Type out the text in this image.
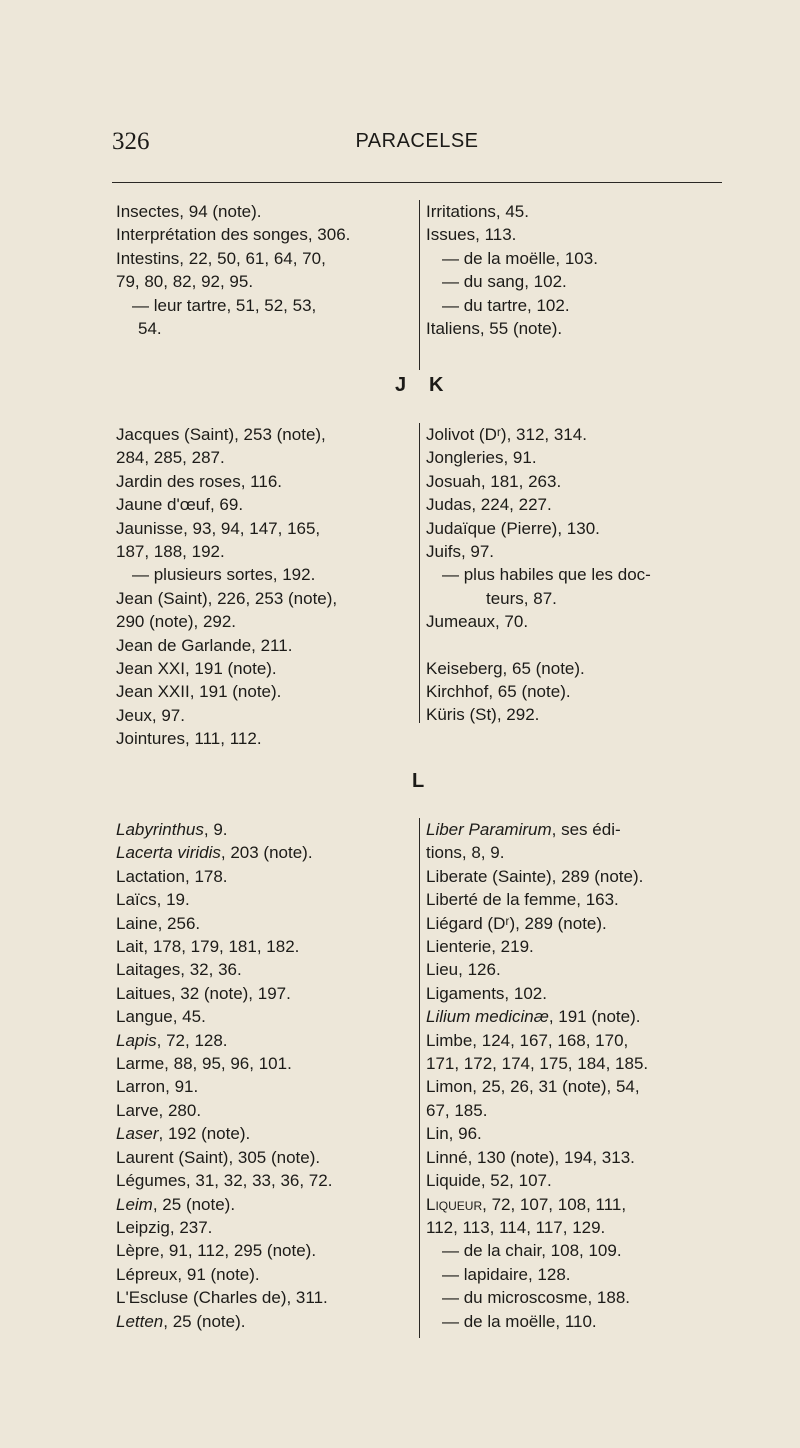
326	PARACELSE
Insectes, 94 (note).
Interprétation des songes, 306.
Intestins, 22, 50, 61, 64, 70,
79, 80, 82, 92, 95.
— leur tartre, 51, 52, 53,
54.
Irritations, 45.
Issues, 113.
— de la moëlle, 103.
— du sang, 102.
— du tartre, 102.
Italiens, 55 (note).
J K
Jacques (Saint), 253 (note),
284, 285, 287.
Jardin des roses, 116.
Jaune d'œuf, 69.
Jaunisse, 93, 94, 147, 165,
187, 188, 192.
— plusieurs sortes, 192.
Jean (Saint), 226, 253 (note),
290 (note), 292.
Jean de Garlande, 211.
Jean XXI, 191 (note).
Jean XXII, 191 (note).
Jeux, 97.
Jointures, 111, 112.
Jolivot (Dʳ), 312, 314.
Jongleries, 91.
Josuah, 181, 263.
Judas, 224, 227.
Judaïque (Pierre), 130.
Juifs, 97.
— plus habiles que les doc-
teurs, 87.
Jumeaux, 70.
Keiseberg, 65 (note).
Kirchhof, 65 (note).
Küris (St), 292.
L
Labyrinthus, 9.
Lacerta viridis, 203 (note).
Lactation, 178.
Laïcs, 19.
Laine, 256.
Lait, 178, 179, 181, 182.
Laitages, 32, 36.
Laitues, 32 (note), 197.
Langue, 45.
Lapis, 72, 128.
Larme, 88, 95, 96, 101.
Larron, 91.
Larve, 280.
Laser, 192 (note).
Laurent (Saint), 305 (note).
Légumes, 31, 32, 33, 36, 72.
Leim, 25 (note).
Leipzig, 237.
Lèpre, 91, 112, 295 (note).
Lépreux, 91 (note).
L'Escluse (Charles de), 311.
Letten, 25 (note).
Liber Paramirum, ses édi-
tions, 8, 9.
Liberate (Sainte), 289 (note).
Liberté de la femme, 163.
Liégard (Dʳ), 289 (note).
Lienterie, 219.
Lieu, 126.
Ligaments, 102.
Lilium medicinæ, 191 (note).
Limbe, 124, 167, 168, 170,
171, 172, 174, 175, 184, 185.
Limon, 25, 26, 31 (note), 54,
67, 185.
Lin, 96.
Linné, 130 (note), 194, 313.
Liquide, 52, 107.
Liqueur, 72, 107, 108, 111,
112, 113, 114, 117, 129.
— de la chair, 108, 109.
— lapidaire, 128.
— du microscosme, 188.
— de la moëlle, 110.
